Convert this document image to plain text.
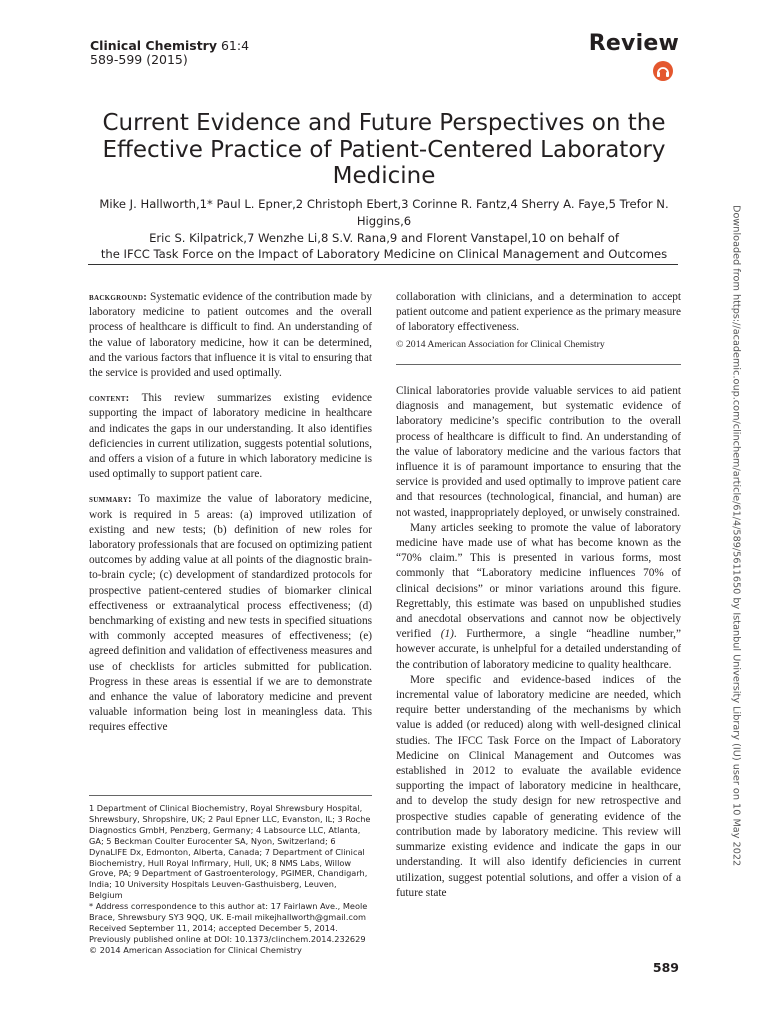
Clinical Chemistry 61:4
589-599 (2015)
Review
Current Evidence and Future Perspectives on the Effective Practice of Patient-Centered Laboratory Medicine
Mike J. Hallworth,1* Paul L. Epner,2 Christoph Ebert,3 Corinne R. Fantz,4 Sherry A. Faye,5 Trefor N. Higgins,6
Eric S. Kilpatrick,7 Wenzhe Li,8 S.V. Rana,9 and Florent Vanstapel,10 on behalf of
the IFCC Task Force on the Impact of Laboratory Medicine on Clinical Management and Outcomes	Downloaded from https://academic.oup.com/clinchem/article/61/4/589/5611650 by Istanbul University Library (IU) user on 10 May 2022

background: Systematic evidence of the contribution made by laboratory medicine to patient outcomes and the overall process of healthcare is difficult to find. An understanding of the value of laboratory medicine, how it can be determined, and the various factors that influence it is vital to ensuring that the service is provided and used optimally.

content: This review summarizes existing evidence supporting the impact of laboratory medicine in healthcare and indicates the gaps in our understanding. It also identifies deficiencies in current utilization, suggests potential solutions, and offers a vision of a future in which laboratory medicine is used optimally to support patient care.

summary: To maximize the value of laboratory medicine, work is required in 5 areas: (a) improved utilization of existing and new tests; (b) definition of new roles for laboratory professionals that are focused on optimizing patient outcomes by adding value at all points of the diagnostic brain-to-brain cycle; (c) development of standardized protocols for prospective patient-centered studies of biomarker clinical effectiveness or extraanalytical process effectiveness; (d) benchmarking of existing and new tests in specified situations with commonly accepted measures of effectiveness; (e) agreed definition and validation of effectiveness measures and use of checklists for articles submitted for publication. Progress in these areas is essential if we are to demonstrate and enhance the value of laboratory medicine and prevent valuable information being lost in meaningless data. This requires effective

collaboration with clinicians, and a determination to accept patient outcome and patient experience as the primary measure of laboratory effectiveness.

© 2014 American Association for Clinical Chemistry

Clinical laboratories provide valuable services to aid patient diagnosis and management, but systematic evidence of laboratory medicine’s specific contribution to the overall process of healthcare is difficult to find. An understanding of the value of laboratory medicine and the various factors that influence it is of paramount importance to ensuring that the service is provided and used optimally to improve patient care and that resources (technological, financial, and human) are not wasted, inappropriately deployed, or unwisely constrained.

Many articles seeking to promote the value of laboratory medicine have made use of what has become known as the “70% claim.” This is presented in various forms, most commonly that “Laboratory medicine influences 70% of clinical decisions” or minor variations around this figure. Regrettably, this estimate was based on unpublished studies and anecdotal observations and cannot now be objectively verified (1). Furthermore, a single “headline number,” however accurate, is unhelpful for a detailed understanding of the contribution of laboratory medicine to quality healthcare.

More specific and evidence-based indices of the incremental value of laboratory medicine are needed, which require better understanding of the mechanisms by which value is added (or reduced) along with well-designed clinical studies. The IFCC Task Force on the Impact of Laboratory Medicine on Clinical Management and Outcomes was established in 2012 to evaluate the available evidence supporting the impact of laboratory medicine in healthcare, and to develop the study design for new retrospective and prospective studies capable of generating evidence of the contribution made by laboratory medicine. This review will summarize existing evidence and indicate the gaps in our understanding. It will also identify deficiencies in current utilization, suggest potential solutions, and offer a vision of a future state

1 Department of Clinical Biochemistry, Royal Shrewsbury Hospital, Shrewsbury, Shropshire, UK; 2 Paul Epner LLC, Evanston, IL; 3 Roche Diagnostics GmbH, Penzberg, Germany; 4 Labsource LLC, Atlanta, GA; 5 Beckman Coulter Eurocenter SA, Nyon, Switzerland; 6 DynaLIFE Dx, Edmonton, Alberta, Canada; 7 Department of Clinical Biochemistry, Hull Royal Infirmary, Hull, UK; 8 NMS Labs, Willow Grove, PA; 9 Department of Gastroenterology, PGIMER, Chandigarh, India; 10 University Hospitals Leuven-Gasthuisberg, Leuven, Belgium

* Address correspondence to this author at: 17 Fairlawn Ave., Meole Brace, Shrewsbury SY3 9QQ, UK. E-mail mikejhallworth@gmail.com

Received September 11, 2014; accepted December 5, 2014.

Previously published online at DOI: 10.1373/clinchem.2014.232629

© 2014 American Association for Clinical Chemistry

589
